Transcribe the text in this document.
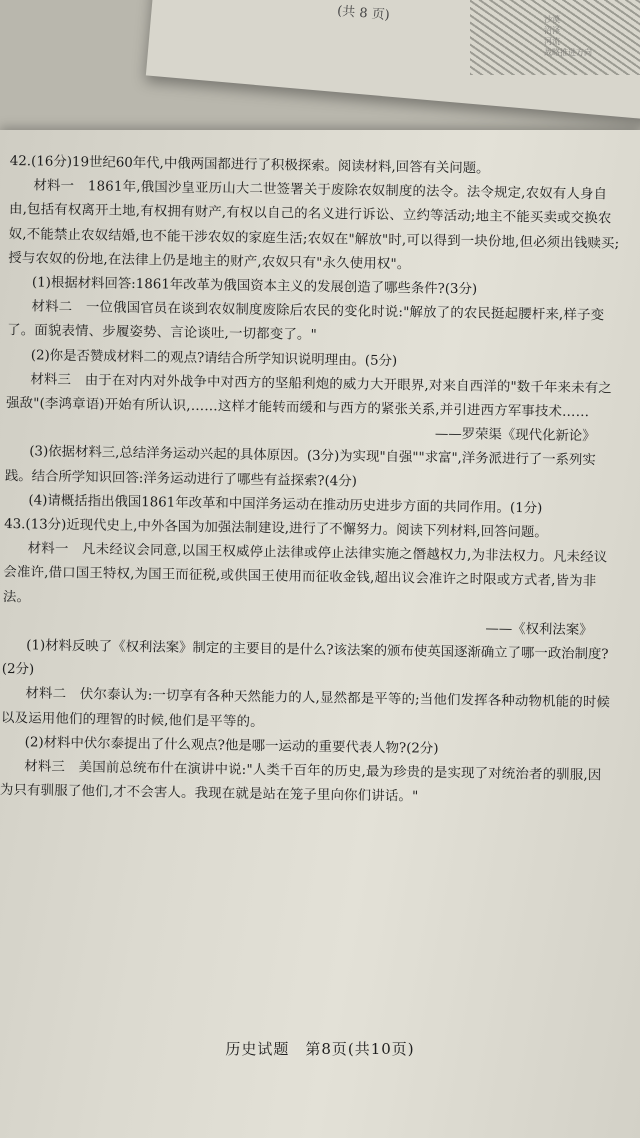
(共 8 页)	沙漠
沼泽
河流
战略推进方向

42.(16分)19世纪60年代,中俄两国都进行了积极探索。阅读材料,回答有关问题。

材料一　1861年,俄国沙皇亚历山大二世签署关于废除农奴制度的法令。法令规定,农奴有人身自由,包括有权离开土地,有权拥有财产,有权以自己的名义进行诉讼、立约等活动;地主不能买卖或交换农奴,不能禁止农奴结婚,也不能干涉农奴的家庭生活;农奴在"解放"时,可以得到一块份地,但必须出钱赎买;授与农奴的份地,在法律上仍是地主的财产,农奴只有"永久使用权"。

(1)根据材料回答:1861年改革为俄国资本主义的发展创造了哪些条件?(3分)

材料二　一位俄国官员在谈到农奴制度废除后农民的变化时说:"解放了的农民挺起腰杆来,样子变了。面貌表情、步履姿势、言论谈吐,一切都变了。"

(2)你是否赞成材料二的观点?请结合所学知识说明理由。(5分)

材料三　由于在对内对外战争中对西方的坚船利炮的威力大开眼界,对来自西洋的"数千年来未有之强敌"(李鸿章语)开始有所认识,……这样才能转而缓和与西方的紧张关系,并引进西方军事技术……

——罗荣渠《现代化新论》

(3)依据材料三,总结洋务运动兴起的具体原因。(3分)为实现"自强""求富",洋务派进行了一系列实践。结合所学知识回答:洋务运动进行了哪些有益探索?(4分)

(4)请概括指出俄国1861年改革和中国洋务运动在推动历史进步方面的共同作用。(1分)

43.(13分)近现代史上,中外各国为加强法制建设,进行了不懈努力。阅读下列材料,回答问题。

材料一　凡未经议会同意,以国王权威停止法律或停止法律实施之僭越权力,为非法权力。凡未经议会准许,借口国王特权,为国王而征税,或供国王使用而征收金钱,超出议会准许之时限或方式者,皆为非法。

——《权利法案》

(1)材料反映了《权利法案》制定的主要目的是什么?该法案的颁布使英国逐渐确立了哪一政治制度?(2分)

材料二　伏尔泰认为:一切享有各种天然能力的人,显然都是平等的;当他们发挥各种动物机能的时候以及运用他们的理智的时候,他们是平等的。

(2)材料中伏尔泰提出了什么观点?他是哪一运动的重要代表人物?(2分)

材料三　美国前总统布什在演讲中说:"人类千百年的历史,最为珍贵的是实现了对统治者的驯服,因为只有驯服了他们,才不会害人。我现在就是站在笼子里向你们讲话。"

历史试题　第8页(共10页)
